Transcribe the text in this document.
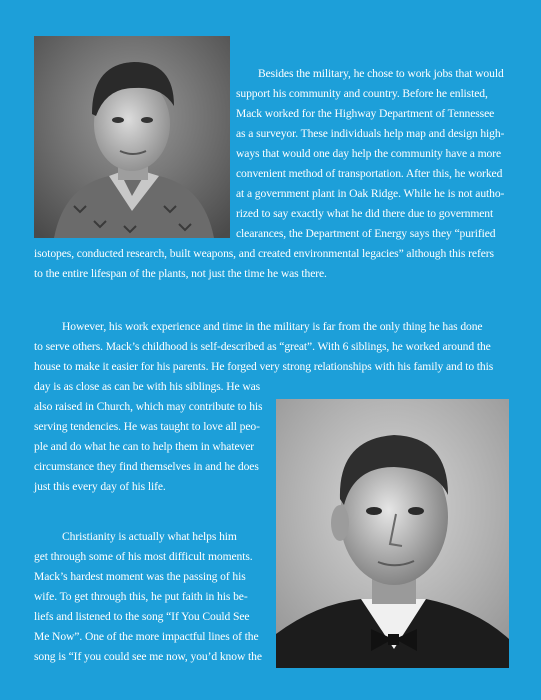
Besides the military, he chose to work jobs that would
support his community and country. Before he enlisted,
Mack worked for the Highway Department of Tennessee
as a surveyor. These individuals help map and design high-
ways that would one day help the community have a more
convenient method of transportation. After this, he worked
at a government plant in Oak Ridge. While he is not autho-
rized to say exactly what he did there due to government
clearances, the Department of Energy says they “purified
isotopes, conducted research, built weapons, and created environmental legacies” although this refers
to the entire lifespan of the plants, not just the time he was there.
However, his work experience and time in the military is far from the only thing he has done
to serve others. Mack’s childhood is self-described as “great”. With 6 siblings, he worked around the
house to make it easier for his parents. He forged very strong relationships with his family and to this
day is as close as can be with his siblings. He was
also raised in Church, which may contribute to his
serving tendencies. He was taught to love all peo-
ple and do what he can to help them in whatever
circumstance they find themselves in and he does
just this every day of his life.
Christianity is actually what helps him
get through some of his most difficult moments.
Mack’s hardest moment was the passing of his
wife. To get through this, he put faith in his be-
liefs and listened to the song “If You Could See
Me Now”. One of the more impactful lines of the
song is “If you could see me now, you’d know the
